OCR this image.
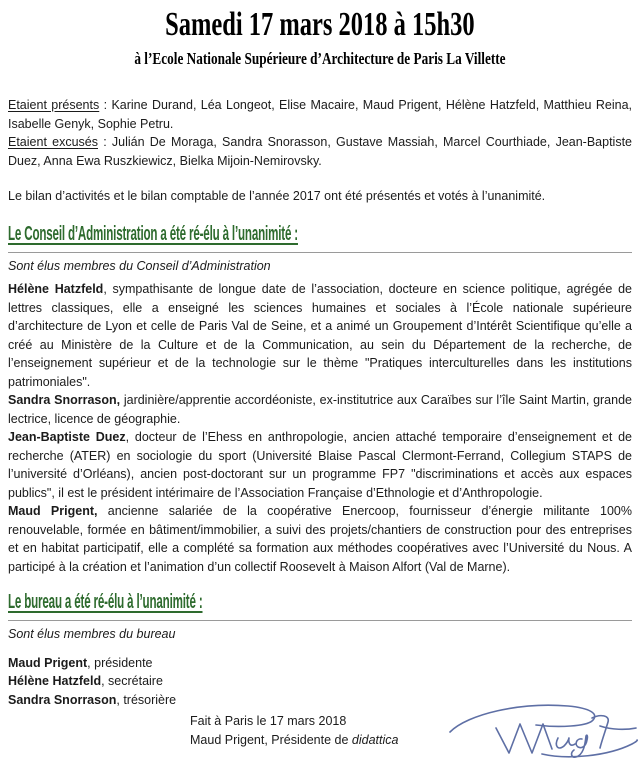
Samedi 17 mars 2018 à 15h30
à l’Ecole Nationale Supérieure d’Architecture de Paris La Villette

Etaient présents : Karine Durand, Léa Longeot, Elise Macaire, Maud Prigent, Hélène Hatzfeld, Matthieu Reina, Isabelle Genyk, Sophie Petru.

Etaient excusés : Julián De Moraga, Sandra Snorasson, Gustave Massiah, Marcel Courthiade, Jean-Baptiste Duez, Anna Ewa Ruszkiewicz, Bielka Mijoin-Nemirovsky.

Le bilan d’activités et le bilan comptable de l’année 2017 ont été présentés et votés à l’unanimité.

Le Conseil d’Administration a été ré-élu à l’unanimité :

Sont élus membres du Conseil d’Administration

Hélène Hatzfeld, sympathisante de longue date de l’association, docteure en science politique, agrégée de lettres classiques, elle a enseigné les sciences humaines et sociales à l’École nationale supérieure d’architecture de Lyon et celle de Paris Val de Seine, et a animé un Groupement d’Intérêt Scientifique qu’elle a créé au Ministère de la Culture et de la Communication, au sein du Département de la recherche, de l’enseignement supérieur et de la technologie sur le thème "Pratiques interculturelles dans les institutions patrimoniales".

Sandra Snorrason, jardinière/apprentie accordéoniste, ex-institutrice aux Caraïbes sur l’île Saint Martin, grande lectrice, licence de géographie.

Jean-Baptiste Duez, docteur de l’Ehess en anthropologie, ancien attaché temporaire d’enseignement et de recherche (ATER) en sociologie du sport (Université Blaise Pascal Clermont-Ferrand, Collegium STAPS de l’université d’Orléans), ancien post-doctorant sur un programme FP7 "discriminations et accès aux espaces publics", il est le président intérimaire de l’Association Française d’Ethnologie et d’Anthropologie.

Maud Prigent, ancienne salariée de la coopérative Enercoop, fournisseur d’énergie militante 100% renouvelable, formée en bâtiment/immobilier, a suivi des projets/chantiers de construction pour des entreprises et en habitat participatif, elle a complété sa formation aux méthodes coopératives avec l’Université du Nous. A participé à la création et l’animation d’un collectif Roosevelt à Maison Alfort (Val de Marne).

Le bureau a été ré-élu à l’unanimité :

Sont élus membres du bureau

Maud Prigent, présidente
Hélène Hatzfeld, secrétaire
Sandra Snorrason, trésorière
Fait à Paris le 17 mars 2018
Maud Prigent, Présidente de didattica
